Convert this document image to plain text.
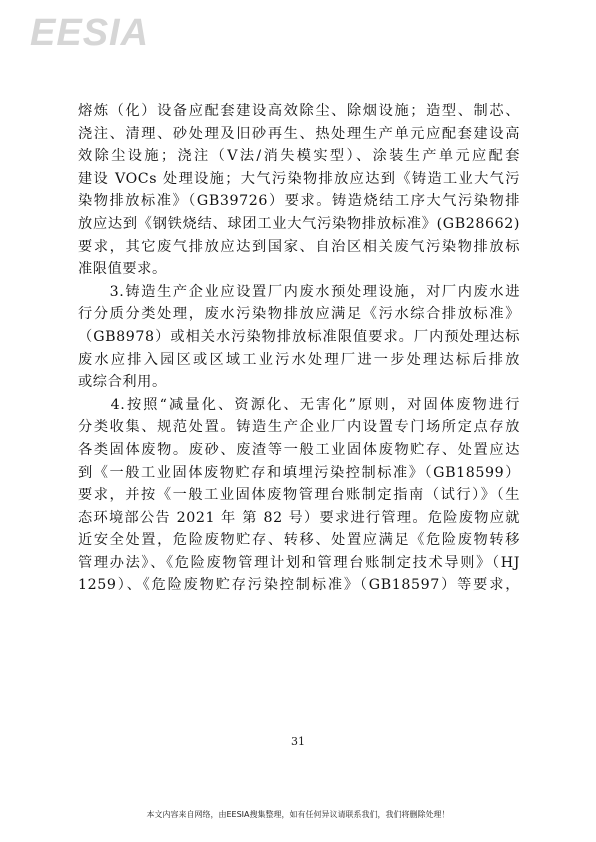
EESIA
熔炼（化）设备应配套建设高效除尘、除烟设施；造型、制芯、
浇注、清理、砂处理及旧砂再生、热处理生产单元应配套建设高
效除尘设施；浇注（V法/消失模实型）、涂装生产单元应配套
建设 VOCs 处理设施；大气污染物排放应达到《铸造工业大气污
染物排放标准》（GB39726）要求。铸造烧结工序大气污染物排
放应达到《钢铁烧结、球团工业大气污染物排放标准》(GB28662)
要求，其它废气排放应达到国家、自治区相关废气污染物排放标
准限值要求。
　　3.铸造生产企业应设置厂内废水预处理设施，对厂内废水进
行分质分类处理，废水污染物排放应满足《污水综合排放标准》
（GB8978）或相关水污染物排放标准限值要求。厂内预处理达标
废水应排入园区或区域工业污水处理厂进一步处理达标后排放
或综合利用。
　　4.按照“减量化、资源化、无害化”原则，对固体废物进行
分类收集、规范处置。铸造生产企业厂内设置专门场所定点存放
各类固体废物。废砂、废渣等一般工业固体废物贮存、处置应达
到《一般工业固体废物贮存和填埋污染控制标准》（GB18599）
要求，并按《一般工业固体废物管理台账制定指南（试行）》（生
态环境部公告 2021 年 第 82 号）要求进行管理。危险废物应就
近安全处置，危险废物贮存、转移、处置应满足《危险废物转移
管理办法》、《危险废物管理计划和管理台账制定技术导则》（HJ
1259）、《危险废物贮存污染控制标准》（GB18597）等要求，
31
本文内容来自网络，由EESIA搜集整理，如有任何异议请联系我们，我们将删除处理！
